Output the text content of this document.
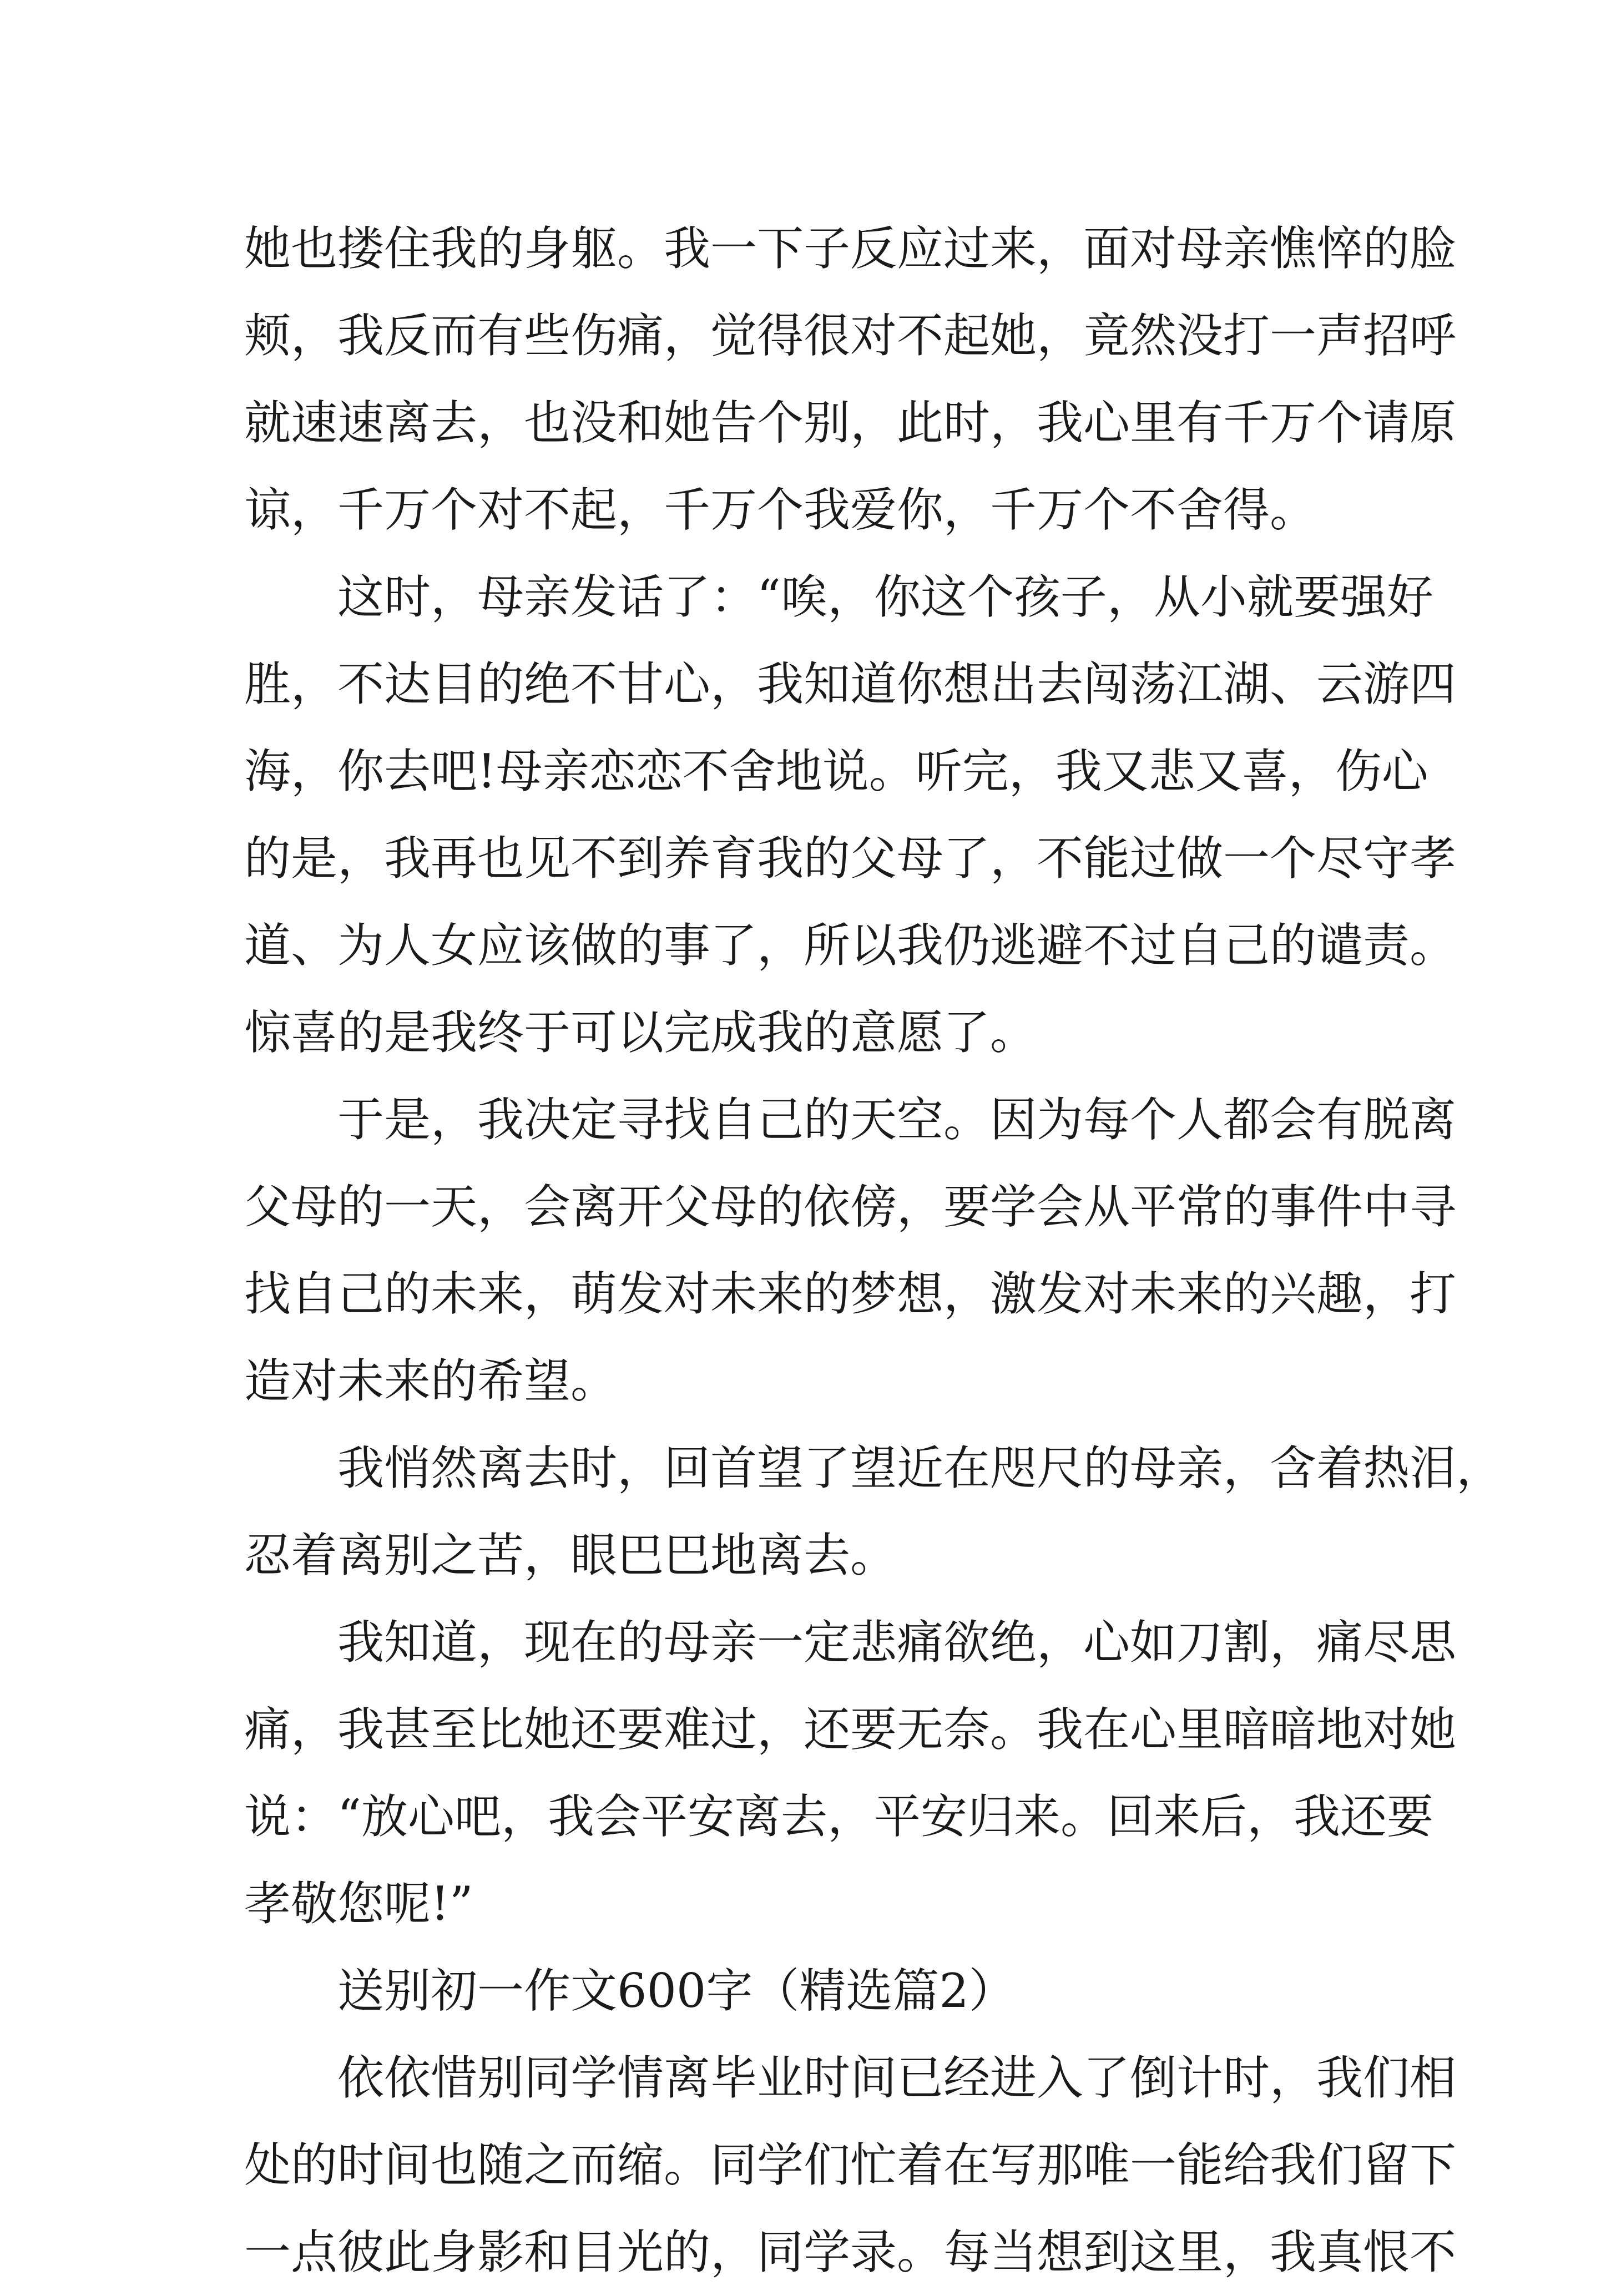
她也搂住我的身躯。我一下子反应过来，面对母亲憔悴的脸
颊，我反而有些伤痛，觉得很对不起她，竟然没打一声招呼
就速速离去，也没和她告个别，此时，我心里有千万个请原
谅，千万个对不起，千万个我爱你，千万个不舍得。
这时，母亲发话了：“唉，你这个孩子，从小就要强好
胜，不达目的绝不甘心，我知道你想出去闯荡江湖、云游四
海，你去吧!母亲恋恋不舍地说。听完，我又悲又喜，伤心
的是，我再也见不到养育我的父母了，不能过做一个尽守孝
道、为人女应该做的事了，所以我仍逃避不过自己的谴责。
惊喜的是我终于可以完成我的意愿了。
于是，我决定寻找自己的天空。因为每个人都会有脱离
父母的一天，会离开父母的依傍，要学会从平常的事件中寻
找自己的未来，萌发对未来的梦想，激发对未来的兴趣，打
造对未来的希望。
我悄然离去时，回首望了望近在咫尺的母亲，含着热泪，
忍着离别之苦，眼巴巴地离去。
我知道，现在的母亲一定悲痛欲绝，心如刀割，痛尽思
痛，我甚至比她还要难过，还要无奈。我在心里暗暗地对她
说：“放心吧，我会平安离去，平安归来。回来后，我还要
孝敬您呢!”
送别初一作文600字（精选篇2）
依依惜别同学情离毕业时间已经进入了倒计时，我们相
处的时间也随之而缩。同学们忙着在写那唯一能给我们留下
一点彼此身影和目光的，同学录。每当想到这里，我真恨不
